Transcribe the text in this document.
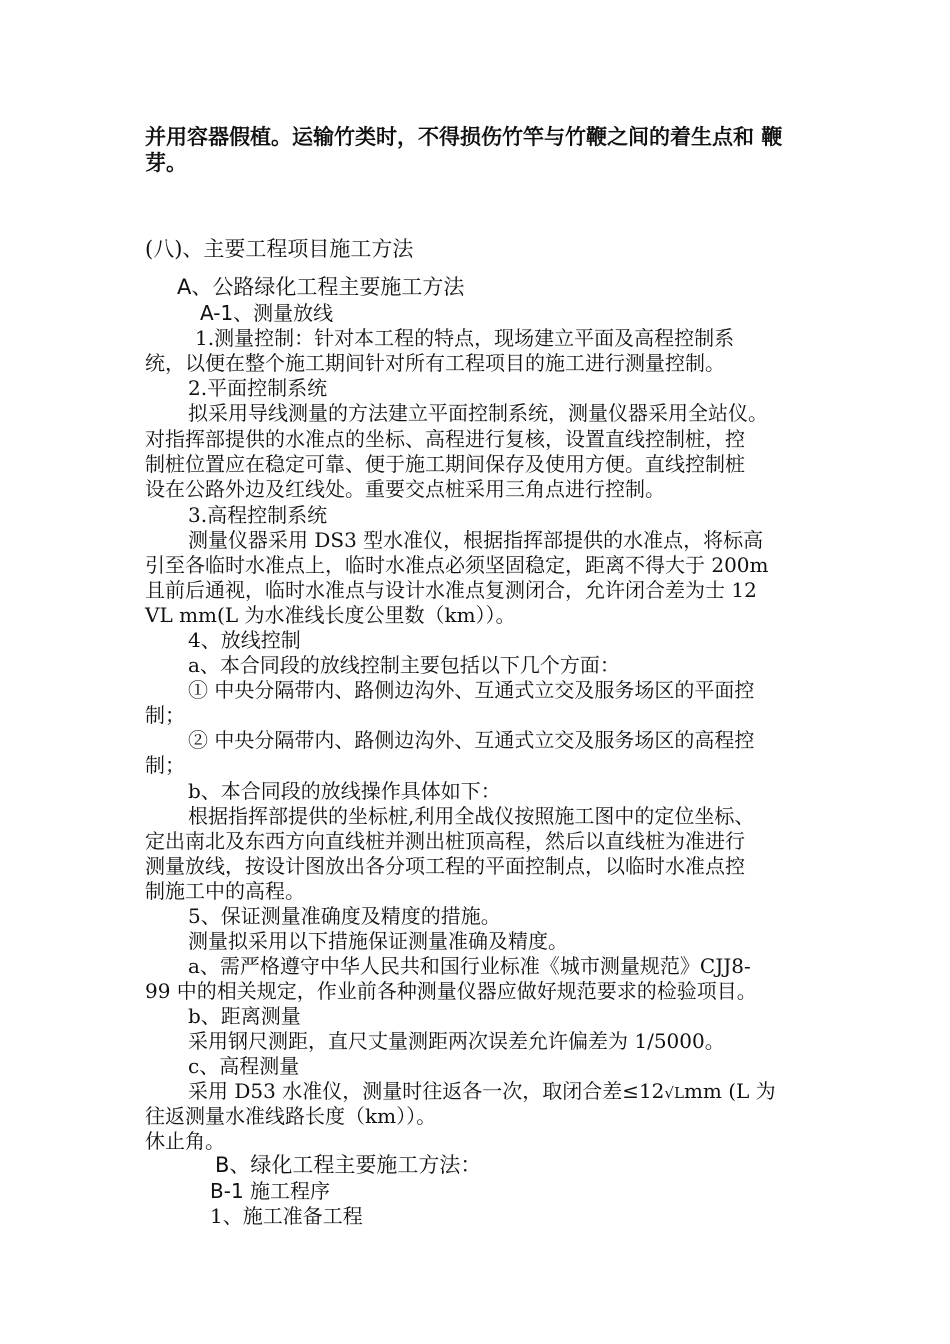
并用容器假植。运输竹类时，不得损伤竹竿与竹鞭之间的着生点和 鞭
芽。
(八)、主要工程项目施工方法
A、公路绿化工程主要施工方法
A-1、测量放线
1.测量控制：针对本工程的特点，现场建立平面及高程控制系
统，以便在整个施工期间针对所有工程项目的施工进行测量控制。
2.平面控制系统
拟采用导线测量的方法建立平面控制系统，测量仪器采用全站仪。
对指挥部提供的水准点的坐标、高程进行复核，设置直线控制桩，控
制桩位置应在稳定可靠、便于施工期间保存及使用方便。直线控制桩
设在公路外边及红线处。重要交点桩采用三角点进行控制。
3.高程控制系统
测量仪器采用 DS3 型水准仪，根据指挥部提供的水准点，将标高
引至各临时水准点上，临时水准点必须坚固稳定，距离不得大于 200m
且前后通视，临时水准点与设计水准点复测闭合，允许闭合差为士 12
VL mm(L 为水准线长度公里数（km））。
4、放线控制
a、本合同段的放线控制主要包括以下几个方面：
① 中央分隔带内、路侧边沟外、互通式立交及服务场区的平面控
制；
② 中央分隔带内、路侧边沟外、互通式立交及服务场区的高程控
制；
b、本合同段的放线操作具体如下：
根据指挥部提供的坐标桩,利用全战仪按照施工图中的定位坐标、
定出南北及东西方向直线桩并测出桩顶高程，然后以直线桩为准进行
测量放线，按设计图放出各分项工程的平面控制点，以临时水准点控
制施工中的高程。
5、保证测量准确度及精度的措施。
测量拟采用以下措施保证测量准确及精度。
a、需严格遵守中华人民共和国行业标准《城市测量规范》CJJ8-
99 中的相关规定，作业前各种测量仪器应做好规范要求的检验项目。
b、距离测量
采用钢尺测距，直尺丈量测距两次误差允许偏差为 1/5000。
c、高程测量
采用 D53 水准仪，测量时往返各一次，取闭合差≤12√Lmm (L 为
往返测量水准线路长度（km））。
休止角。
B、绿化工程主要施工方法：
B-1 施工程序
1、施工准备工程
